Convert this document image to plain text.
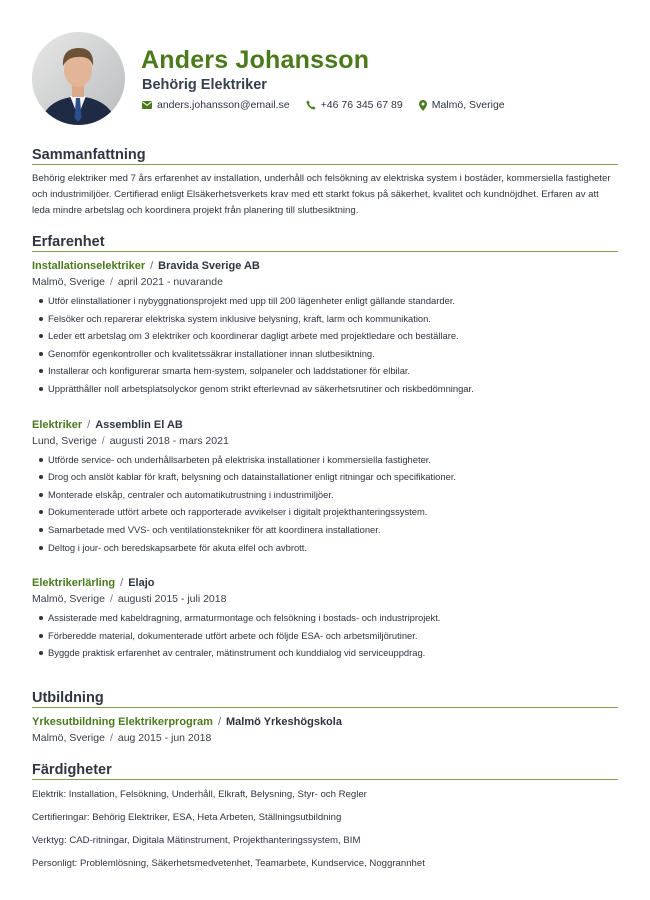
Anders Johansson
Behörig Elektriker
anders.johansson@email.se	+46 76 345 67 89	Malmö, Sverige
Sammanfattning

Behörig elektriker med 7 års erfarenhet av installation, underhåll och felsökning av elektriska system i bostäder, kommersiella fastigheter och industrimiljöer. Certifierad enligt Elsäkerhetsverkets krav med ett starkt fokus på säkerhet, kvalitet och kundnöjdhet. Erfaren av att leda mindre arbetslag och koordinera projekt från planering till slutbesiktning.

Erfarenhet
Installationselektriker / Bravida Sverige AB
Malmö, Sverige / april 2021 - nuvarande
Utför elinstallationer i nybyggnationsprojekt med upp till 200 lägenheter enligt gällande standarder.
Felsöker och reparerar elektriska system inklusive belysning, kraft, larm och kommunikation.
Leder ett arbetslag om 3 elektriker och koordinerar dagligt arbete med projektledare och beställare.
Genomför egenkontroller och kvalitetssäkrar installationer innan slutbesiktning.
Installerar och konfigurerar smarta hem-system, solpaneler och laddstationer för elbilar.
Upprätthåller noll arbetsplatsolyckor genom strikt efterlevnad av säkerhetsrutiner och riskbedömningar.
Elektriker / Assemblin El AB
Lund, Sverige / augusti 2018 - mars 2021
Utförde service- och underhållsarbeten på elektriska installationer i kommersiella fastigheter.
Drog och anslöt kablar för kraft, belysning och datainstallationer enligt ritningar och specifikationer.
Monterade elskåp, centraler och automatikutrustning i industrimiljöer.
Dokumenterade utfört arbete och rapporterade avvikelser i digitalt projekthanteringssystem.
Samarbetade med VVS- och ventilationstekniker för att koordinera installationer.
Deltog i jour- och beredskapsarbete för akuta elfel och avbrott.
Elektrikerlärling / Elajo
Malmö, Sverige / augusti 2015 - juli 2018
Assisterade med kabeldragning, armaturmontage och felsökning i bostads- och industriprojekt.
Förberedde material, dokumenterade utfört arbete och följde ESA- och arbetsmiljörutiner.
Byggde praktisk erfarenhet av centraler, mätinstrument och kunddialog vid serviceuppdrag.
Utbildning
Yrkesutbildning Elektrikerprogram / Malmö Yrkeshögskola
Malmö, Sverige / aug 2015 - jun 2018
Färdigheter
Elektrik: Installation, Felsökning, Underhåll, Elkraft, Belysning, Styr- och Regler
Certifieringar: Behörig Elektriker, ESA, Heta Arbeten, Ställningsutbildning
Verktyg: CAD-ritningar, Digitala Mätinstrument, Projekthanteringssystem, BIM
Personligt: Problemlösning, Säkerhetsmedvetenhet, Teamarbete, Kundservice, Noggrannhet
